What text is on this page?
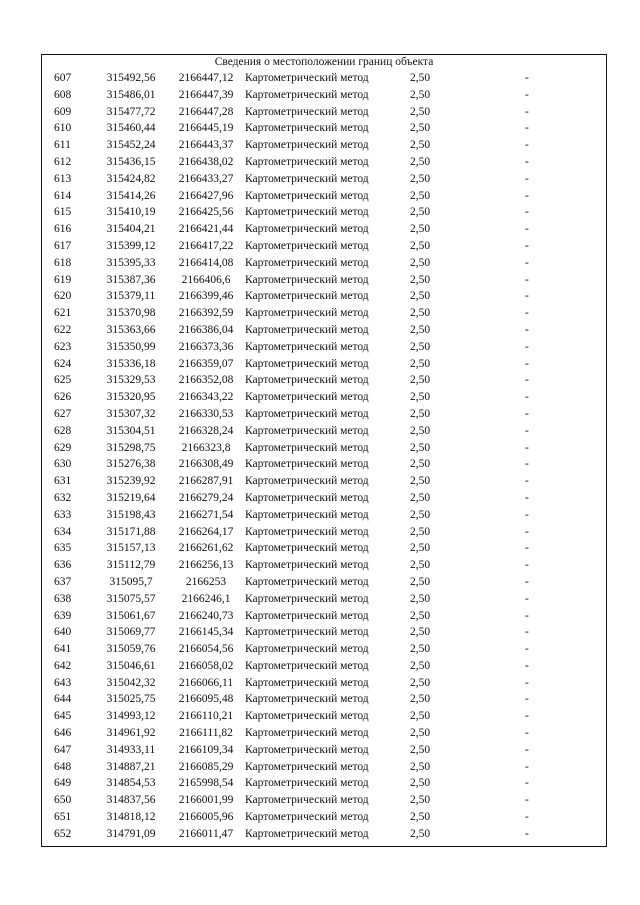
Сведения о местоположении границ объекта
607	315492,56	2166447,12	Картометрический метод	2,50	-
608	315486,01	2166447,39	Картометрический метод	2,50	-
609	315477,72	2166447,28	Картометрический метод	2,50	-
610	315460,44	2166445,19	Картометрический метод	2,50	-
611	315452,24	2166443,37	Картометрический метод	2,50	-
612	315436,15	2166438,02	Картометрический метод	2,50	-
613	315424,82	2166433,27	Картометрический метод	2,50	-
614	315414,26	2166427,96	Картометрический метод	2,50	-
615	315410,19	2166425,56	Картометрический метод	2,50	-
616	315404,21	2166421,44	Картометрический метод	2,50	-
617	315399,12	2166417,22	Картометрический метод	2,50	-
618	315395,33	2166414,08	Картометрический метод	2,50	-
619	315387,36	2166406,6	Картометрический метод	2,50	-
620	315379,11	2166399,46	Картометрический метод	2,50	-
621	315370,98	2166392,59	Картометрический метод	2,50	-
622	315363,66	2166386,04	Картометрический метод	2,50	-
623	315350,99	2166373,36	Картометрический метод	2,50	-
624	315336,18	2166359,07	Картометрический метод	2,50	-
625	315329,53	2166352,08	Картометрический метод	2,50	-
626	315320,95	2166343,22	Картометрический метод	2,50	-
627	315307,32	2166330,53	Картометрический метод	2,50	-
628	315304,51	2166328,24	Картометрический метод	2,50	-
629	315298,75	2166323,8	Картометрический метод	2,50	-
630	315276,38	2166308,49	Картометрический метод	2,50	-
631	315239,92	2166287,91	Картометрический метод	2,50	-
632	315219,64	2166279,24	Картометрический метод	2,50	-
633	315198,43	2166271,54	Картометрический метод	2,50	-
634	315171,88	2166264,17	Картометрический метод	2,50	-
635	315157,13	2166261,62	Картометрический метод	2,50	-
636	315112,79	2166256,13	Картометрический метод	2,50	-
637	315095,7	2166253	Картометрический метод	2,50	-
638	315075,57	2166246,1	Картометрический метод	2,50	-
639	315061,67	2166240,73	Картометрический метод	2,50	-
640	315069,77	2166145,34	Картометрический метод	2,50	-
641	315059,76	2166054,56	Картометрический метод	2,50	-
642	315046,61	2166058,02	Картометрический метод	2,50	-
643	315042,32	2166066,11	Картометрический метод	2,50	-
644	315025,75	2166095,48	Картометрический метод	2,50	-
645	314993,12	2166110,21	Картометрический метод	2,50	-
646	314961,92	2166111,82	Картометрический метод	2,50	-
647	314933,11	2166109,34	Картометрический метод	2,50	-
648	314887,21	2166085,29	Картометрический метод	2,50	-
649	314854,53	2165998,54	Картометрический метод	2,50	-
650	314837,56	2166001,99	Картометрический метод	2,50	-
651	314818,12	2166005,96	Картометрический метод	2,50	-
652	314791,09	2166011,47	Картометрический метод	2,50	-
